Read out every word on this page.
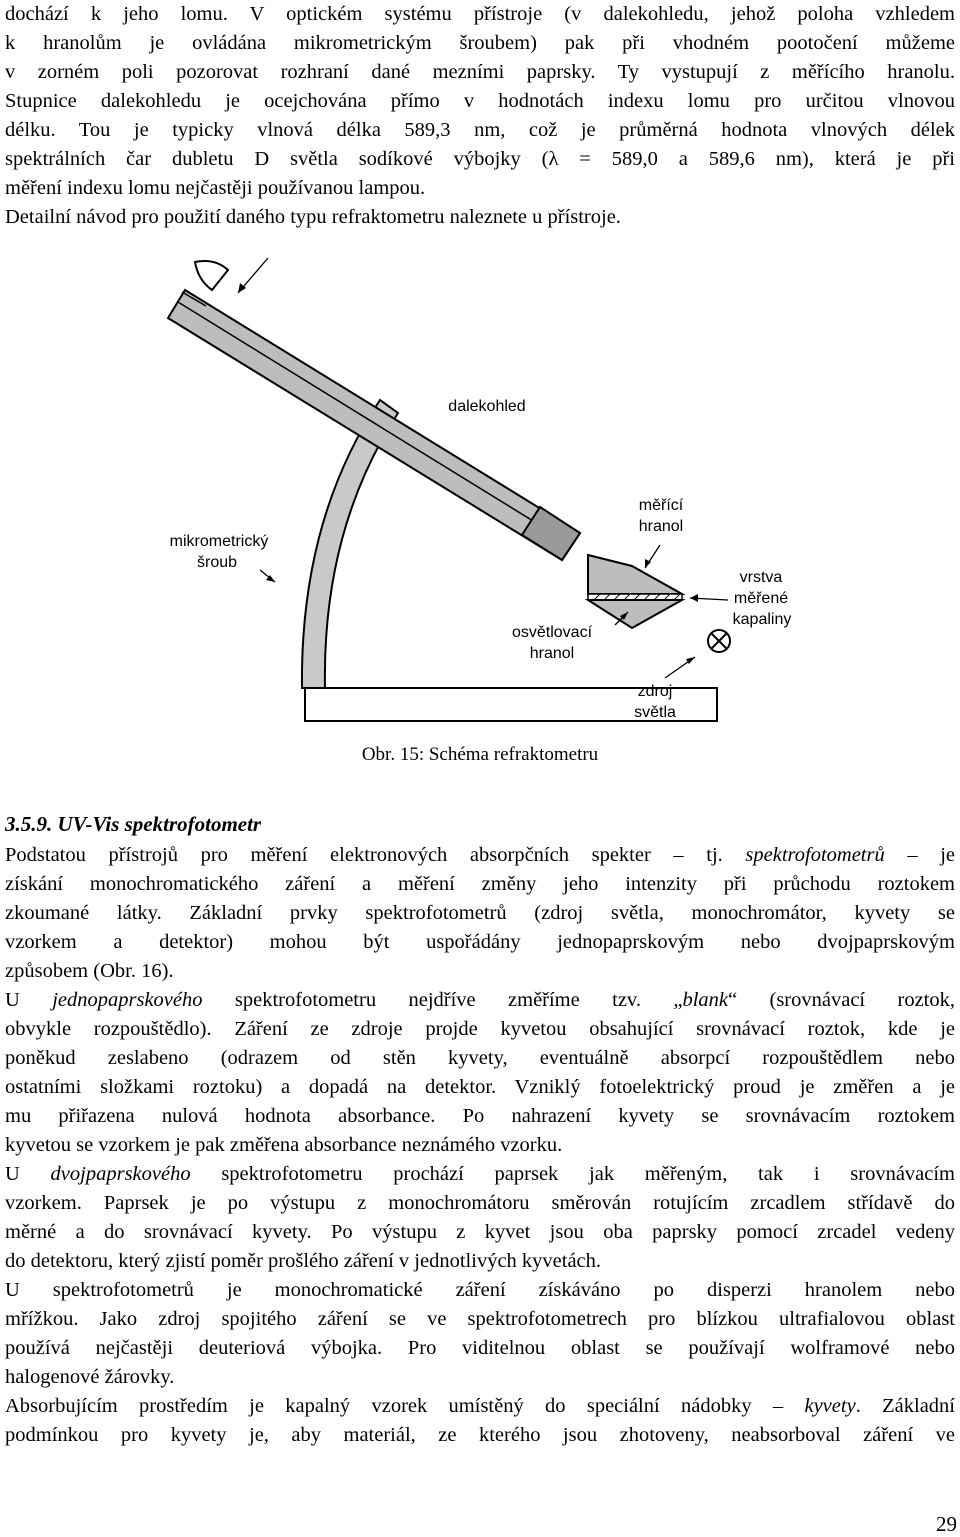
dochází k jeho lomu. V optickém systému přístroje (v dalekohledu, jehož poloha vzhledem
k hranolům je ovládána mikrometrickým šroubem) pak při vhodném pootočení můžeme
v zorném poli pozorovat rozhraní dané mezními paprsky. Ty vystupují z měřícího hranolu.
Stupnice dalekohledu je ocejchována přímo v hodnotách indexu lomu pro určitou vlnovou
délku. Tou je typicky vlnová délka 589,3 nm, což je průměrná hodnota vlnových délek
spektrálních čar dubletu D světla sodíkové výbojky (λ = 589,0 a 589,6 nm), která je při
měření indexu lomu nejčastěji používanou lampou.
Detailní návod pro použití daného typu refraktometru naleznete u přístroje.
dalekohled
mikrometrický
šroub
měřící
hranol
osvětlovací
hranol
vrstva
měřené
kapaliny
zdroj
světla
Obr. 15: Schéma refraktometru
3.5.9. UV-Vis spektrofotometr
Podstatou přístrojů pro měření elektronových absorpčních spekter – tj. spektrofotometrů – je
získání monochromatického záření a měření změny jeho intenzity při průchodu roztokem
zkoumané látky. Základní prvky spektrofotometrů (zdroj světla, monochromátor, kyvety se
vzorkem a detektor) mohou být uspořádány jednopaprskovým nebo dvojpaprskovým
způsobem (Obr. 16).
U jednopaprskového spektrofotometru nejdříve změříme tzv. „blank“ (srovnávací roztok,
obvykle rozpouštědlo). Záření ze zdroje projde kyvetou obsahující srovnávací roztok, kde je
poněkud zeslabeno (odrazem od stěn kyvety, eventuálně absorpcí rozpouštědlem nebo
ostatními složkami roztoku) a dopadá na detektor. Vzniklý fotoelektrický proud je změřen a je
mu přiřazena nulová hodnota absorbance. Po nahrazení kyvety se srovnávacím roztokem
kyvetou se vzorkem je pak změřena absorbance neznámého vzorku.
U dvojpaprskového spektrofotometru prochází paprsek jak měřeným, tak i srovnávacím
vzorkem. Paprsek je po výstupu z monochromátoru směrován rotujícím zrcadlem střídavě do
měrné a do srovnávací kyvety. Po výstupu z kyvet jsou oba paprsky pomocí zrcadel vedeny
do detektoru, který zjistí poměr prošlého záření v jednotlivých kyvetách.
U spektrofotometrů je monochromatické záření získáváno po disperzi hranolem nebo
mřížkou. Jako zdroj spojitého záření se ve spektrofotometrech pro blízkou ultrafialovou oblast
používá nejčastěji deuteriová výbojka. Pro viditelnou oblast se používají wolframové nebo
halogenové žárovky.
Absorbujícím prostředím je kapalný vzorek umístěný do speciální nádobky – kyvety. Základní
podmínkou pro kyvety je, aby materiál, ze kterého jsou zhotoveny, neabsorboval záření ve
29
